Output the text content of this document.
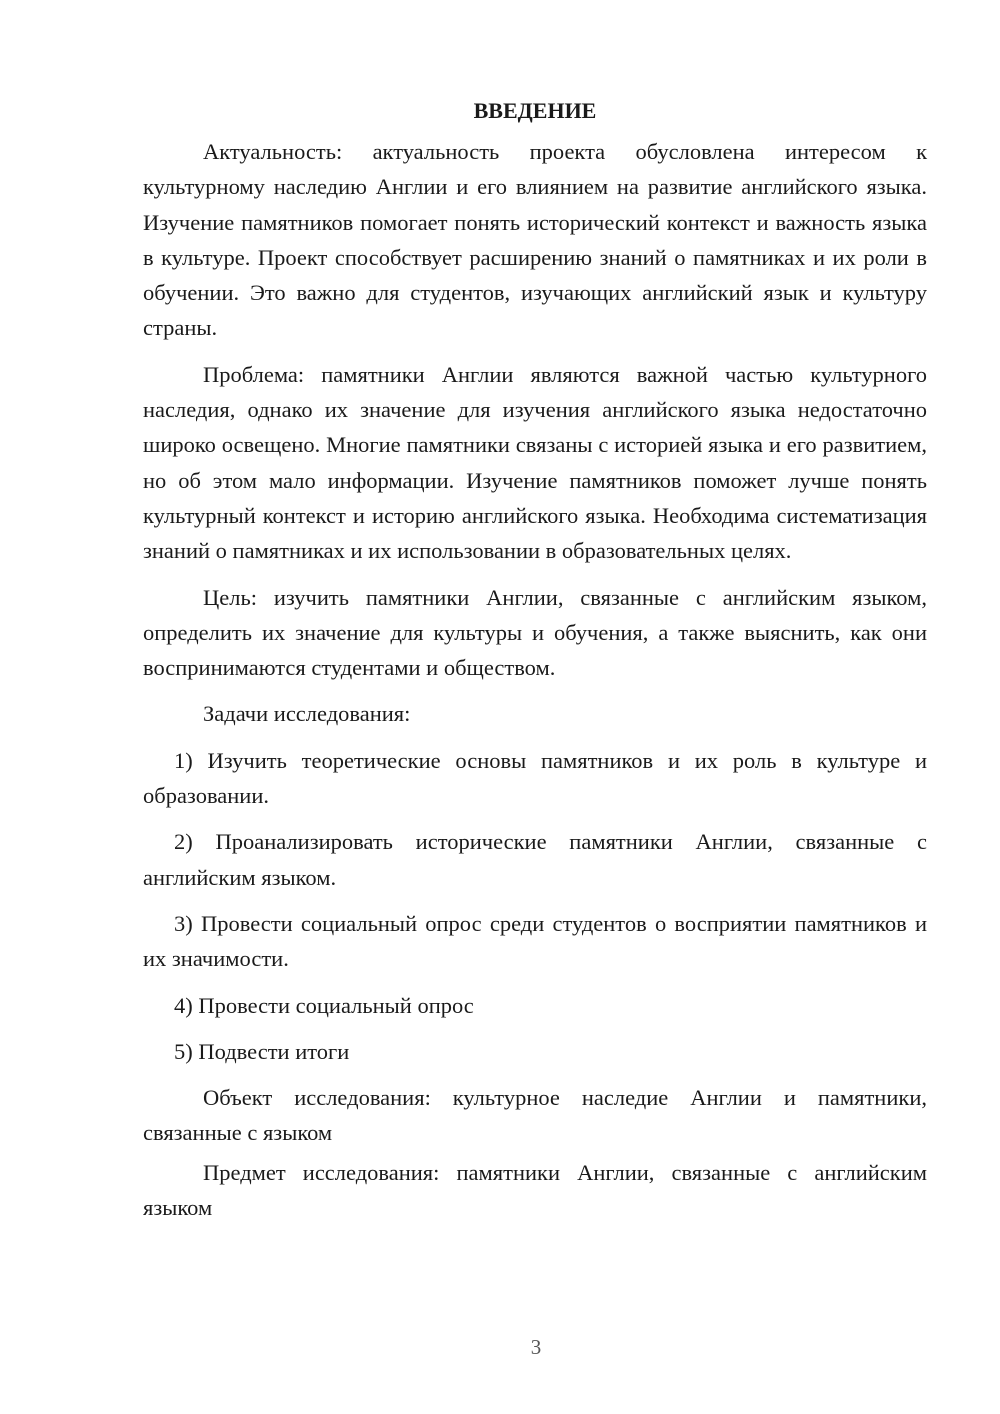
ВВЕДЕНИЕ

Актуальность: актуальность проекта обусловлена интересом к культурному наследию Англии и его влиянием на развитие английского языка. Изучение памятников помогает понять исторический контекст и важность языка в культуре. Проект способствует расширению знаний о памятниках и их роли в обучении. Это важно для студентов, изучающих английский язык и культуру страны.

Проблема: памятники Англии являются важной частью культурного наследия, однако их значение для изучения английского языка недостаточно широко освещено. Многие памятники связаны с историей языка и его развитием, но об этом мало информации. Изучение памятников поможет лучше понять культурный контекст и историю английского языка. Необходима систематизация знаний о памятниках и их использовании в образовательных целях.

Цель: изучить памятники Англии, связанные с английским языком, определить их значение для культуры и обучения, а также выяснить, как они воспринимаются студентами и обществом.

Задачи исследования:

1) Изучить теоретические основы памятников и их роль в культуре и образовании.

2) Проанализировать исторические памятники Англии, связанные с английским языком.

3) Провести социальный опрос среди студентов о восприятии памятников и их значимости.

4) Провести социальный опрос

5) Подвести итоги

Объект исследования: культурное наследие Англии и памятники, связанные с языком

Предмет исследования: памятники Англии, связанные с английским языком

3
